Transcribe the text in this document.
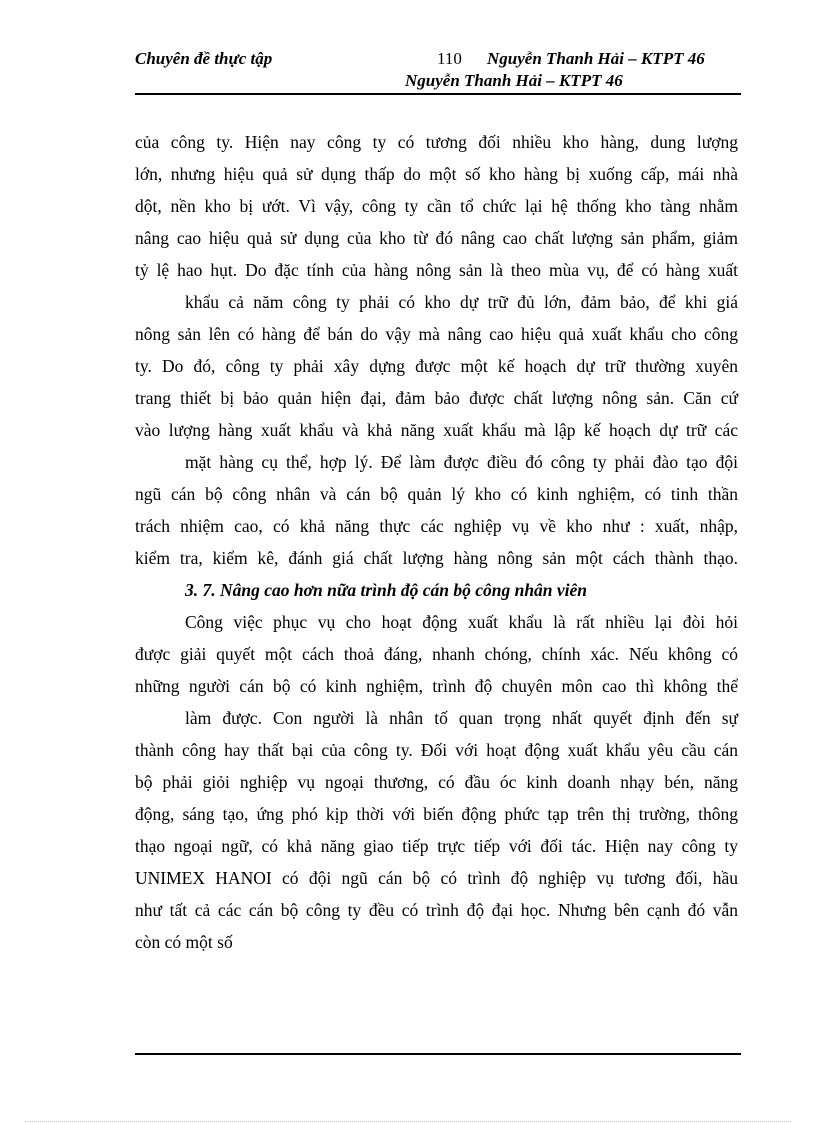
Chuyên đề thực tập	110 Nguyễn Thanh Hải – KTPT 46
Nguyễn Thanh Hải – KTPT 46
của công ty. Hiện nay công ty có tương đối nhiều kho hàng, dung lượng
lớn, nhưng hiệu quả sử dụng thấp do một số kho hàng bị xuống cấp, mái nhà
dột, nền kho bị ướt. Vì vậy, công ty cần tổ chức lại hệ thống kho tàng nhằm
nâng cao hiệu quả sử dụng của kho từ đó nâng cao chất lượng sản phẩm, giảm
tỷ lệ hao hụt. Do đặc tính của hàng nông sản là theo mùa vụ, để có hàng xuất
khẩu cả năm công ty phải có kho dự trữ đủ lớn, đảm bảo, để khi giá
nông sản lên có hàng để bán do vậy mà nâng cao hiệu quả xuất khẩu cho công
ty. Do đó, công ty phải xây dựng được một kế hoạch dự trữ thường xuyên
trang thiết bị bảo quản hiện đại, đảm bảo được chất lượng nông sản. Căn cứ
vào lượng hàng xuất khẩu và khả năng xuất khẩu mà lập kế hoạch dự trữ các
mặt hàng cụ thể, hợp lý. Để làm được điều đó công ty phải đào tạo đội
ngũ cán bộ công nhân và cán bộ quản lý kho có kinh nghiệm, có tinh thần
trách nhiệm cao, có khả năng thực các nghiệp vụ về kho như : xuất, nhập,
kiểm tra, kiểm kê, đánh giá chất lượng hàng nông sản một cách thành thạo.
3. 7. Nâng cao hơn nữa trình độ cán bộ công nhân viên
Công việc phục vụ cho hoạt động xuất khẩu là rất nhiều lại đòi hỏi
được giải quyết một cách thoả đáng, nhanh chóng, chính xác. Nếu không có
những người cán bộ có kinh nghiệm, trình độ chuyên môn cao thì không thể
làm được. Con người là nhân tố quan trọng nhất quyết định đến sự
thành công hay thất bại của công ty. Đối với hoạt động xuất khẩu yêu cầu cán
bộ phải giỏi nghiệp vụ ngoại thương, có đầu óc kinh doanh nhạy bén, năng
động, sáng tạo, ứng phó kịp thời với biến động phức tạp trên thị trường, thông
thạo ngoại ngữ, có khả năng giao tiếp trực tiếp với đối tác. Hiện nay công ty
UNIMEX HANOI có đội ngũ cán bộ có trình độ nghiệp vụ tương đối, hầu
như tất cả các cán bộ công ty đều có trình độ đại học. Nhưng bên cạnh đó vẫn
còn có một số
